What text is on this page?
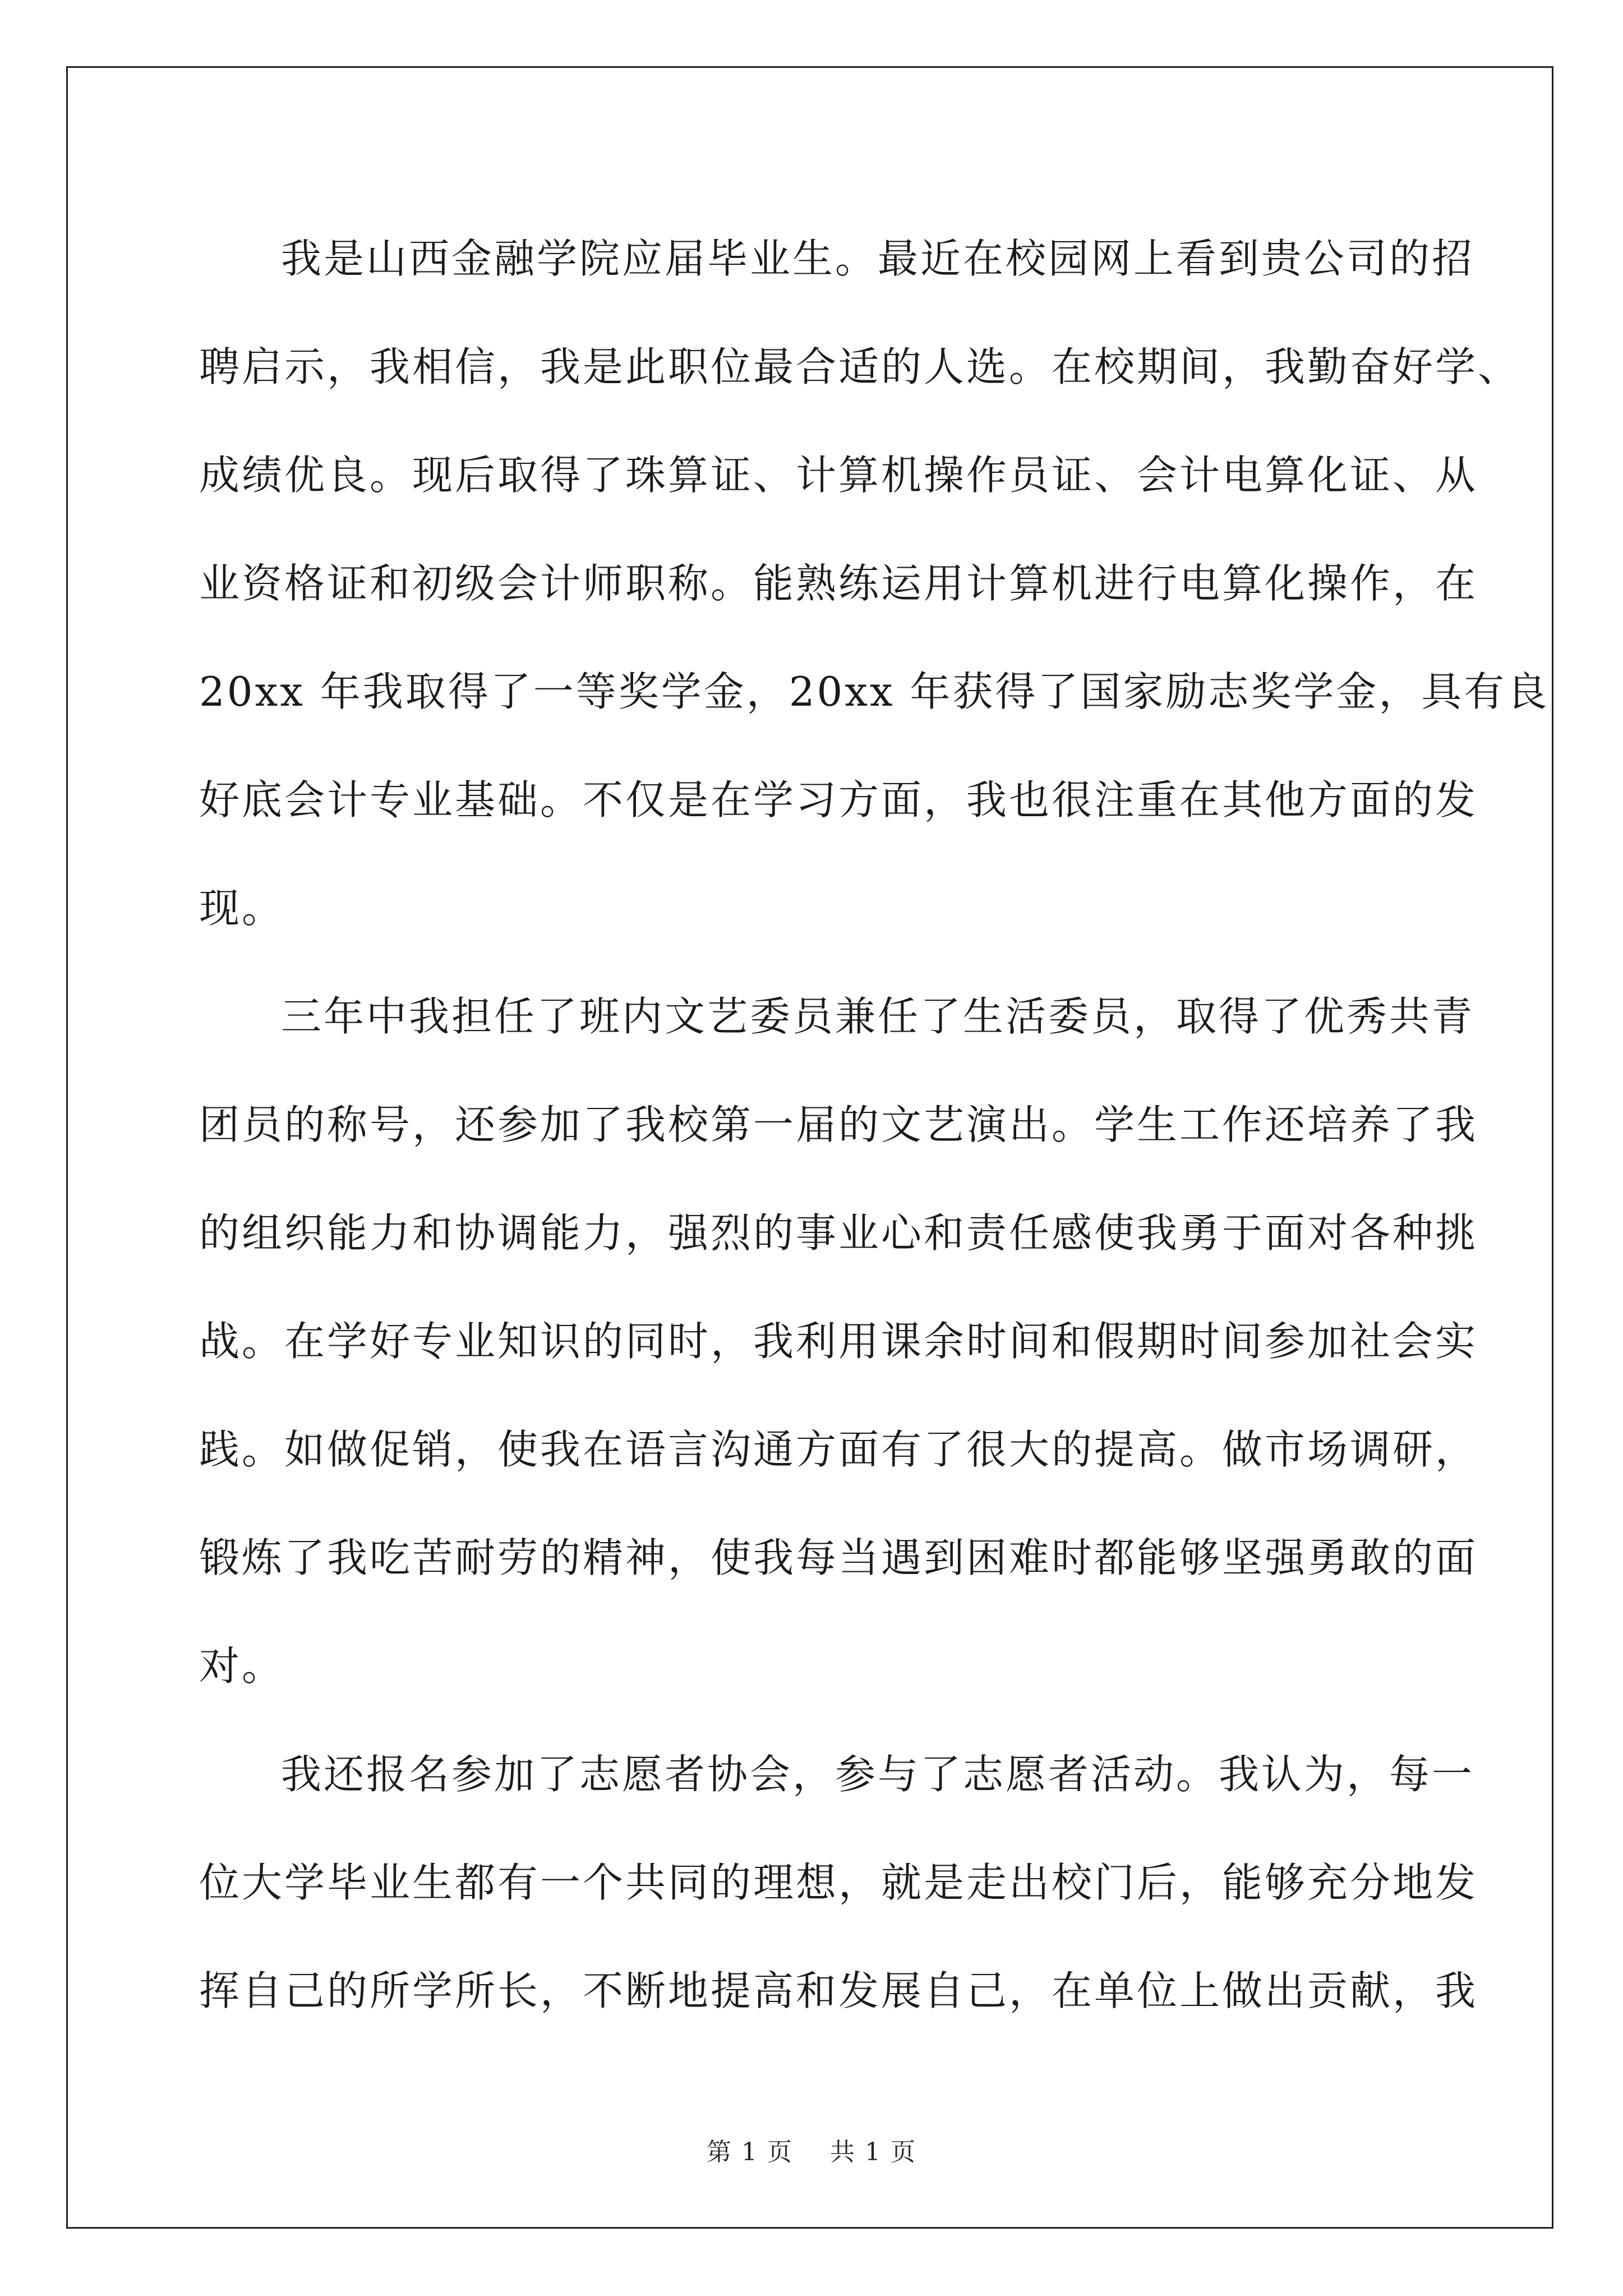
我是山西金融学院应届毕业生。最近在校园网上看到贵公司的招
聘启示，我相信，我是此职位最合适的人选。在校期间，我勤奋好学、
成绩优良。现后取得了珠算证、计算机操作员证、会计电算化证、从
业资格证和初级会计师职称。能熟练运用计算机进行电算化操作，在
20xx 年我取得了一等奖学金，20xx 年获得了国家励志奖学金，具有良
好底会计专业基础。不仅是在学习方面，我也很注重在其他方面的发
现。
三年中我担任了班内文艺委员兼任了生活委员，取得了优秀共青
团员的称号，还参加了我校第一届的文艺演出。学生工作还培养了我
的组织能力和协调能力，强烈的事业心和责任感使我勇于面对各种挑
战。在学好专业知识的同时，我利用课余时间和假期时间参加社会实
践。如做促销，使我在语言沟通方面有了很大的提高。做市场调研，
锻炼了我吃苦耐劳的精神，使我每当遇到困难时都能够坚强勇敢的面
对。
我还报名参加了志愿者协会，参与了志愿者活动。我认为，每一
位大学毕业生都有一个共同的理想，就是走出校门后，能够充分地发
挥自己的所学所长，不断地提高和发展自己，在单位上做出贡献，我
第 1 页 共 1 页
